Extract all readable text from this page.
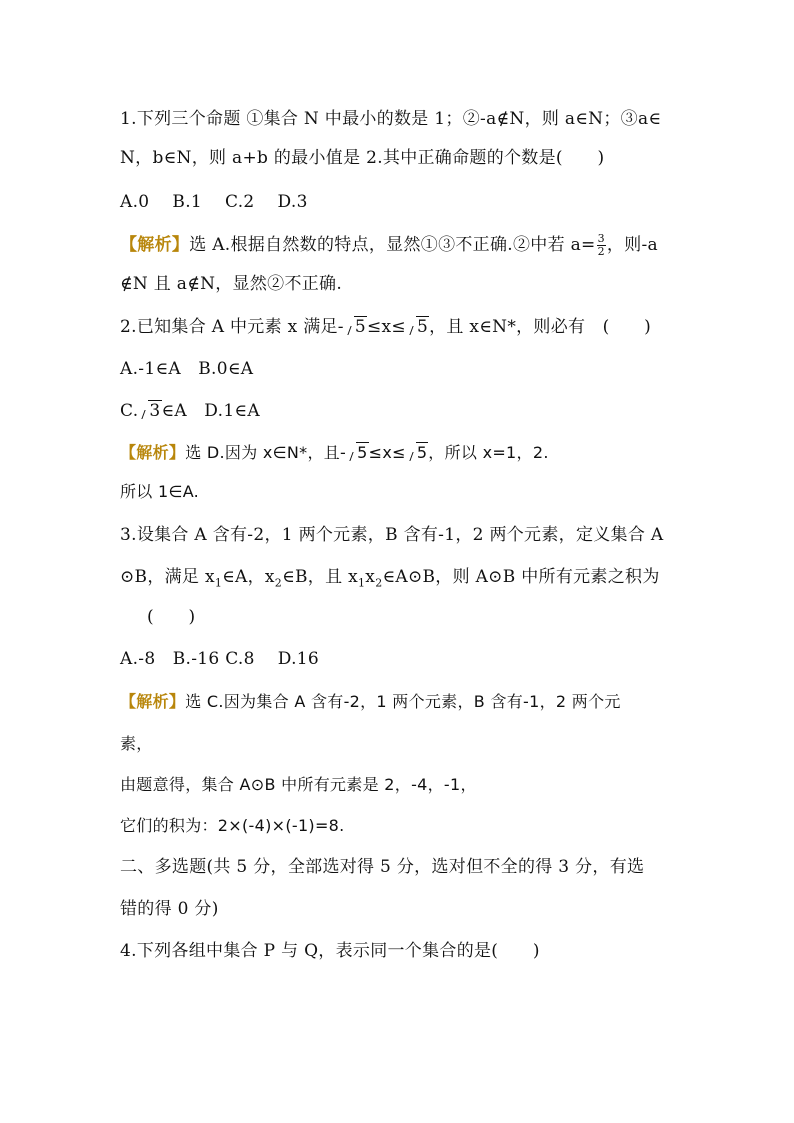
1.下列三个命题 ①集合 N 中最小的数是 1；②-a∉N，则 a∈N；③a∈
N，b∈N，则 a+b 的最小值是 2.其中正确命题的个数是(　　)
A.0　 B.1　 C.2　 D.3
【解析】选 A.根据自然数的特点，显然①③不正确.②中若 $a= \frac{3}{2}$ ，则-a
∉N 且 a∉N，显然②不正确.
2.已知集合 A 中元素 x 满足- 5≤x≤ 5，且 x∈N*，则必有　(　　)
A.-1∈A　B.0∈A
C. 3∈A　D.1∈A
【解析】选 D.因为 x∈N*，且- 5≤x≤ 5，所以 x=1，2.
所以 1∈A.
3.设集合 A 含有-2，1 两个元素，B 含有-1，2 两个元素，定义集合 A
⊙B，满足 $x_1\in A$，$x_2\in B$，且 $x_1x_2\in A⊙B$，则 A⊙B 中所有元素之积为
(　　)
A.-8　B.-16 C.8　 D.16
【解析】选 C.因为集合 A 含有-2，1 两个元素，B 含有-1，2 两个元
素，
由题意得，集合 A⊙B 中所有元素是 2，-4，-1，
它们的积为：2×(-4)×(-1)=8.
二、多选题(共 5 分，全部选对得 5 分，选对但不全的得 3 分，有选
错的得 0 分)
4.下列各组中集合 P 与 Q，表示同一个集合的是(　　)
